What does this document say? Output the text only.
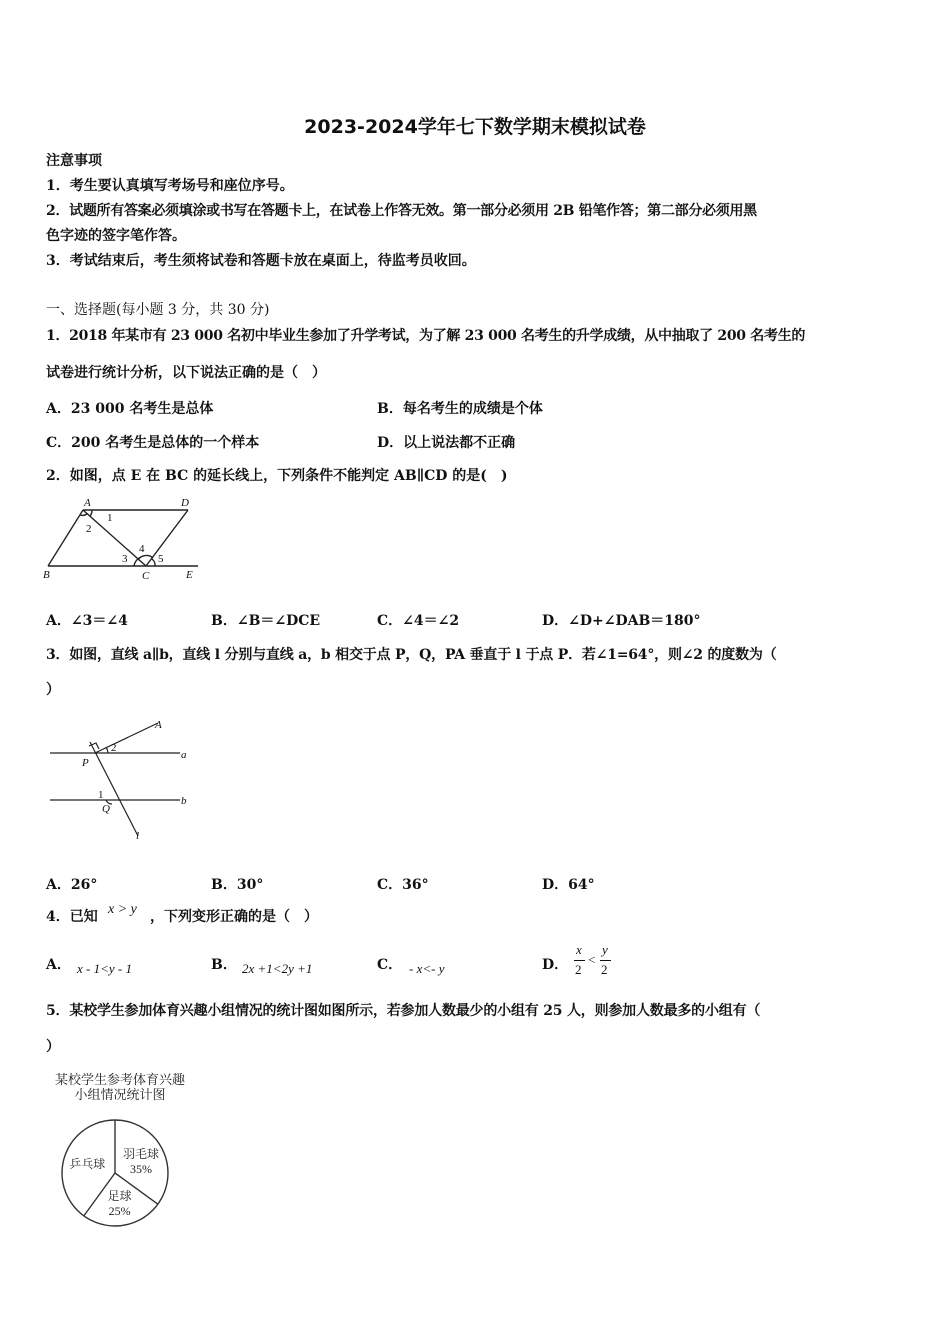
2023-2024学年七下数学期末模拟试卷
注意事项
1．考生要认真填写考场号和座位序号。
2．试题所有答案必须填涂或书写在答题卡上，在试卷上作答无效。第一部分必须用 2B 铅笔作答；第二部分必须用黑
色字迹的签字笔作答。
3．考试结束后，考生须将试卷和答题卡放在桌面上，待监考员收回。
一、选择题(每小题 3 分，共 30 分)
1．2018 年某市有 23 000 名初中毕业生参加了升学考试，为了解 23 000 名考生的升学成绩，从中抽取了 200 名考生的
试卷进行统计分析，以下说法正确的是（　）
A．23 000 名考生是总体	B．每名考生的成绩是个体
C．200 名考生是总体的一个样本	D．以上说法都不正确
2．如图，点 E 在 BC 的延长线上，下列条件不能判定 AB∥CD 的是(　)
A	D
B	C	E
1
2
3
4
5
A．∠3＝∠4	B．∠B＝∠DCE	C．∠4＝∠2	D．∠D+∠DAB＝180°
3．如图，直线 a∥b，直线 l 分别与直线 a，b 相交于点 P，Q，PA 垂直于 l 于点 P．若∠1=64°，则∠2 的度数为（
）
A
2
P
a
1
Q
b
l
A．26°	B．30°	C．36°	D．64°
4．已知 x > y ，下列变形正确的是（　）
A． x - 1<y - 1	B． 2x +1<2y +1	C． - x<- y	D．
x
2
<
y
2
5．某校学生参加体育兴趣小组情况的统计图如图所示，若参加人数最少的小组有 25 人，则参加人数最多的小组有（
）
某校学生参考体育兴趣
小组情况统计图
羽毛球
35%
足球
25%
乒乓球
